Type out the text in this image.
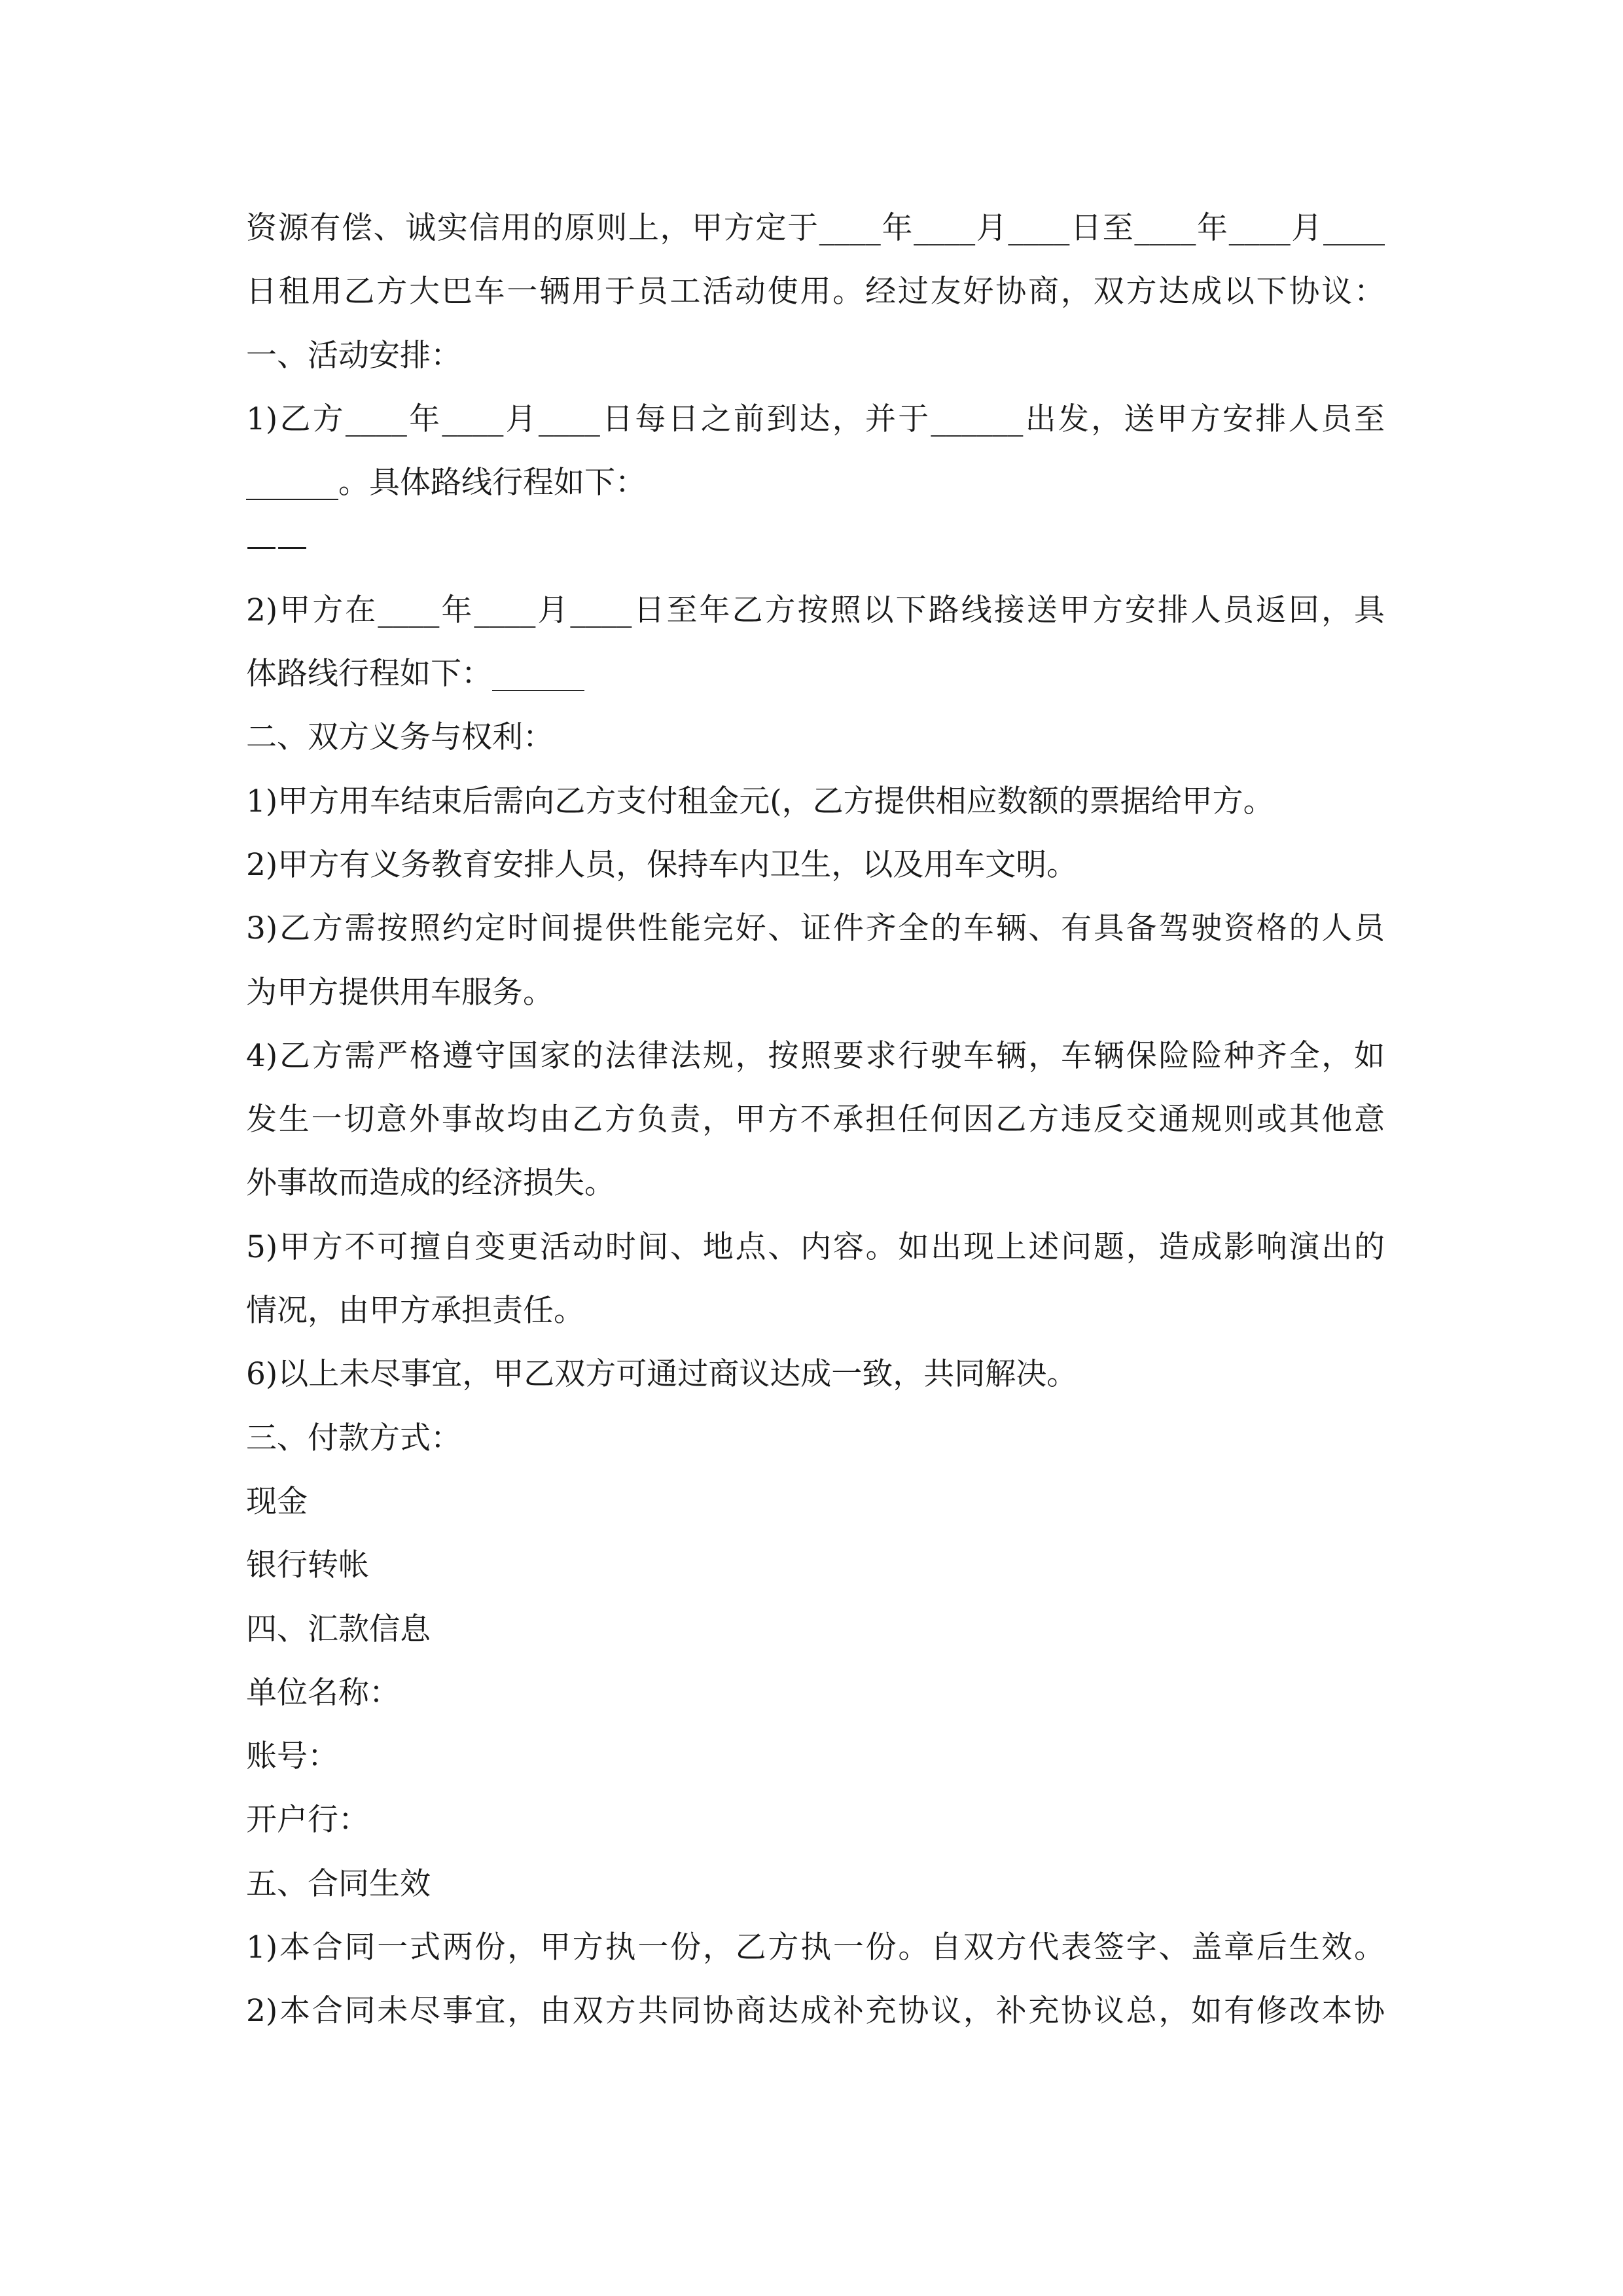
资源有偿、诚实信用的原则上，甲方定于____年____月____日至____年____月____
日租用乙方大巴车一辆用于员工活动使用。经过友好协商，双方达成以下协议：
一、活动安排：
1)乙方____年____月____日每日之前到达，并于______出发，送甲方安排人员至
______。具体路线行程如下：
——
2)甲方在____年____月____日至年乙方按照以下路线接送甲方安排人员返回，具
体路线行程如下：______
二、双方义务与权利：
1)甲方用车结束后需向乙方支付租金元(，乙方提供相应数额的票据给甲方。
2)甲方有义务教育安排人员，保持车内卫生，以及用车文明。
3)乙方需按照约定时间提供性能完好、证件齐全的车辆、有具备驾驶资格的人员
为甲方提供用车服务。
4)乙方需严格遵守国家的法律法规，按照要求行驶车辆，车辆保险险种齐全，如
发生一切意外事故均由乙方负责，甲方不承担任何因乙方违反交通规则或其他意
外事故而造成的经济损失。
5)甲方不可擅自变更活动时间、地点、内容。如出现上述问题，造成影响演出的
情况，由甲方承担责任。
6)以上未尽事宜，甲乙双方可通过商议达成一致，共同解决。
三、付款方式：
现金
银行转帐
四、汇款信息
单位名称：
账号：
开户行：
五、合同生效
1)本合同一式两份，甲方执一份，乙方执一份。自双方代表签字、盖章后生效。
2)本合同未尽事宜，由双方共同协商达成补充协议，补充协议总，如有修改本协
